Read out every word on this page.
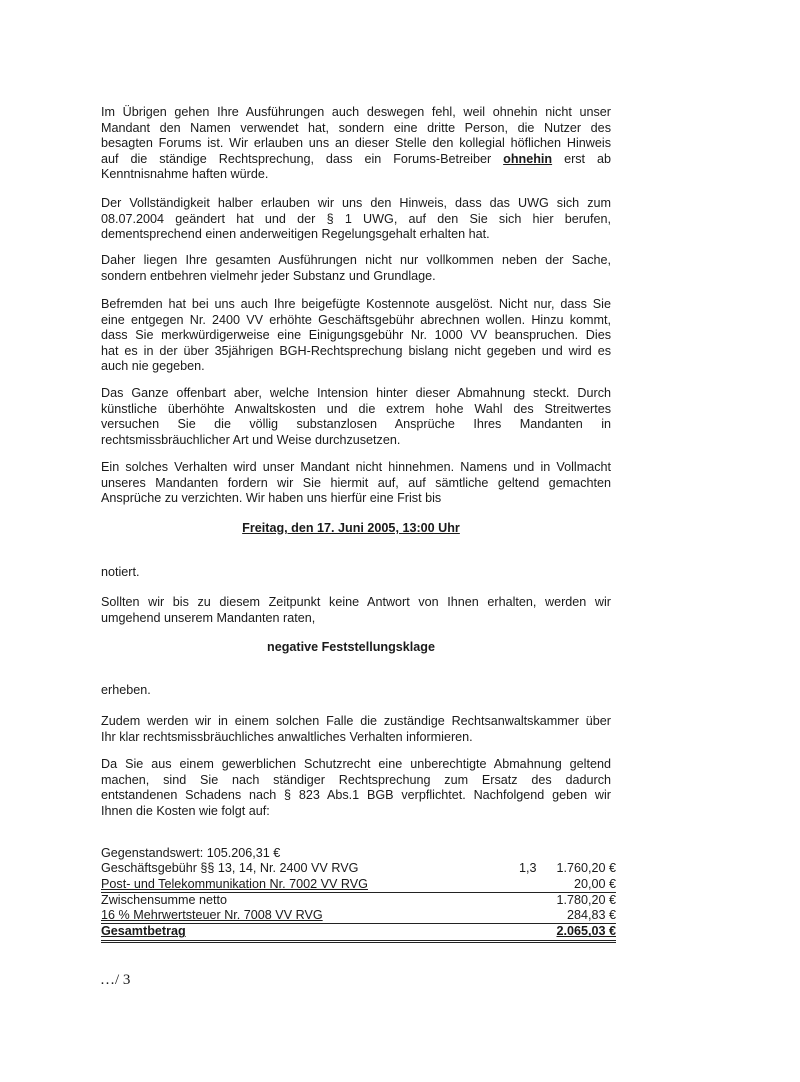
Im Übrigen gehen Ihre Ausführungen auch deswegen fehl, weil ohnehin nicht unser
Mandant den Namen verwendet hat, sondern eine dritte Person, die Nutzer des
besagten Forums ist. Wir erlauben uns an dieser Stelle den kollegial höflichen Hinweis
auf die ständige Rechtsprechung, dass ein Forums-Betreiber ohnehin erst ab
Kenntnisnahme haften würde.
Der Vollständigkeit halber erlauben wir uns den Hinweis, dass das UWG sich zum
08.07.2004 geändert hat und der § 1 UWG, auf den Sie sich hier berufen,
dementsprechend einen anderweitigen Regelungsgehalt erhalten hat.
Daher liegen Ihre gesamten Ausführungen nicht nur vollkommen neben der Sache,
sondern entbehren vielmehr jeder Substanz und Grundlage.
Befremden hat bei uns auch Ihre beigefügte Kostennote ausgelöst. Nicht nur, dass Sie
eine entgegen Nr. 2400 VV erhöhte Geschäftsgebühr abrechnen wollen. Hinzu kommt,
dass Sie merkwürdigerweise eine Einigungsgebühr Nr. 1000 VV beanspruchen. Dies
hat es in der über 35jährigen BGH-Rechtsprechung bislang nicht gegeben und wird es
auch nie gegeben.
Das Ganze offenbart aber, welche Intension hinter dieser Abmahnung steckt. Durch
künstliche überhöhte Anwaltskosten und die extrem hohe Wahl des Streitwertes
versuchen Sie die völlig substanzlosen Ansprüche Ihres Mandanten in
rechtsmissbräuchlicher Art und Weise durchzusetzen.
Ein solches Verhalten wird unser Mandant nicht hinnehmen. Namens und in Vollmacht
unseres Mandanten fordern wir Sie hiermit auf, auf sämtliche geltend gemachten
Ansprüche zu verzichten. Wir haben uns hierfür eine Frist bis
Freitag, den 17. Juni 2005, 13:00 Uhr
notiert.
Sollten wir bis zu diesem Zeitpunkt keine Antwort von Ihnen erhalten, werden wir
umgehend unserem Mandanten raten,
negative Feststellungsklage
erheben.
Zudem werden wir in einem solchen Falle die zuständige Rechtsanwaltskammer über
Ihr klar rechtsmissbräuchliches anwaltliches Verhalten informieren.
Da Sie aus einem gewerblichen Schutzrecht eine unberechtigte Abmahnung geltend
machen, sind Sie nach ständiger Rechtsprechung zum Ersatz des dadurch
entstandenen Schadens nach § 823 Abs.1 BGB verpflichtet. Nachfolgend geben wir
Ihnen die Kosten wie folgt auf:
Gegenstandswert: 105.206,31 €
Geschäftsgebühr §§ 13, 14, Nr. 2400 VV RVG	1,3 1.760,20 €
Post- und Telekommunikation Nr. 7002 VV RVG	20,00 €
Zwischensumme netto	1.780,20 €
16 % Mehrwertsteuer Nr. 7008 VV RVG	284,83 €
Gesamtbetrag	2.065,03 €
…/ 3
